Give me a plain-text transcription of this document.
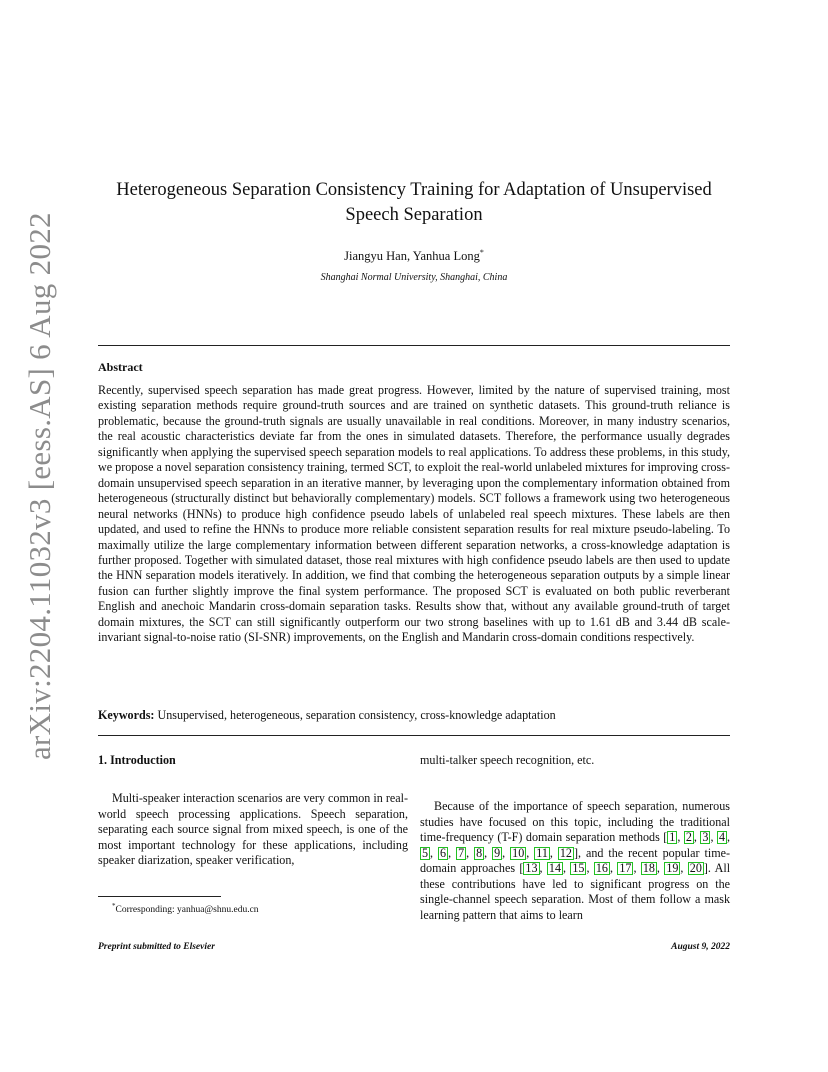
arXiv:2204.11032v3 [eess.AS] 6 Aug 2022
Heterogeneous Separation Consistency Training for Adaptation of Unsupervised Speech Separation
Jiangyu Han, Yanhua Long*
Shanghai Normal University, Shanghai, China
Abstract
Recently, supervised speech separation has made great progress. However, limited by the nature of supervised training, most existing separation methods require ground-truth sources and are trained on synthetic datasets. This ground-truth reliance is problematic, because the ground-truth signals are usually unavailable in real conditions. Moreover, in many industry scenarios, the real acoustic characteristics deviate far from the ones in simulated datasets. Therefore, the performance usually degrades significantly when applying the supervised speech separation models to real applications. To address these problems, in this study, we propose a novel separation consistency training, termed SCT, to exploit the real-world unlabeled mixtures for improving cross-domain unsupervised speech separation in an iterative manner, by leveraging upon the complementary information obtained from heterogeneous (structurally distinct but behaviorally complementary) models. SCT follows a framework using two heterogeneous neural networks (HNNs) to produce high confidence pseudo labels of unlabeled real speech mixtures. These labels are then updated, and used to refine the HNNs to produce more reliable consistent separation results for real mixture pseudo-labeling. To maximally utilize the large complementary information between different separation networks, a cross-knowledge adaptation is further proposed. Together with simulated dataset, those real mixtures with high confidence pseudo labels are then used to update the HNN separation models iteratively. In addition, we find that combing the heterogeneous separation outputs by a simple linear fusion can further slightly improve the final system performance. The proposed SCT is evaluated on both public reverberant English and anechoic Mandarin cross-domain separation tasks. Results show that, without any available ground-truth of target domain mixtures, the SCT can still significantly outperform our two strong baselines with up to 1.61 dB and 3.44 dB scale-invariant signal-to-noise ratio (SI-SNR) improvements, on the English and Mandarin cross-domain conditions respectively.
Keywords: Unsupervised, heterogeneous, separation consistency, cross-knowledge adaptation
1. Introduction
Multi-speaker interaction scenarios are very common in real-world speech processing applications. Speech separation, separating each source signal from mixed speech, is one of the most important technology for these applications, including speaker diarization, speaker verification,
multi-talker speech recognition, etc.
Because of the importance of speech separation, numerous studies have focused on this topic, including the traditional time-frequency (T-F) domain separation methods [ 1 , 2 , 3 , 4 , 5 , 6 , 7 , 8 , 9 , 10 , 11 , 12 ], and the recent popular time-domain approaches [ 13 , 14 , 15 , 16 , 17 , 18 , 19 , 20 ]. All these contributions have led to significant progress on the single-channel speech separation. Most of them follow a mask learning pattern that aims to learn
*Corresponding: yanhua@shnu.edu.cn
Preprint submitted to Elsevier	August 9, 2022
